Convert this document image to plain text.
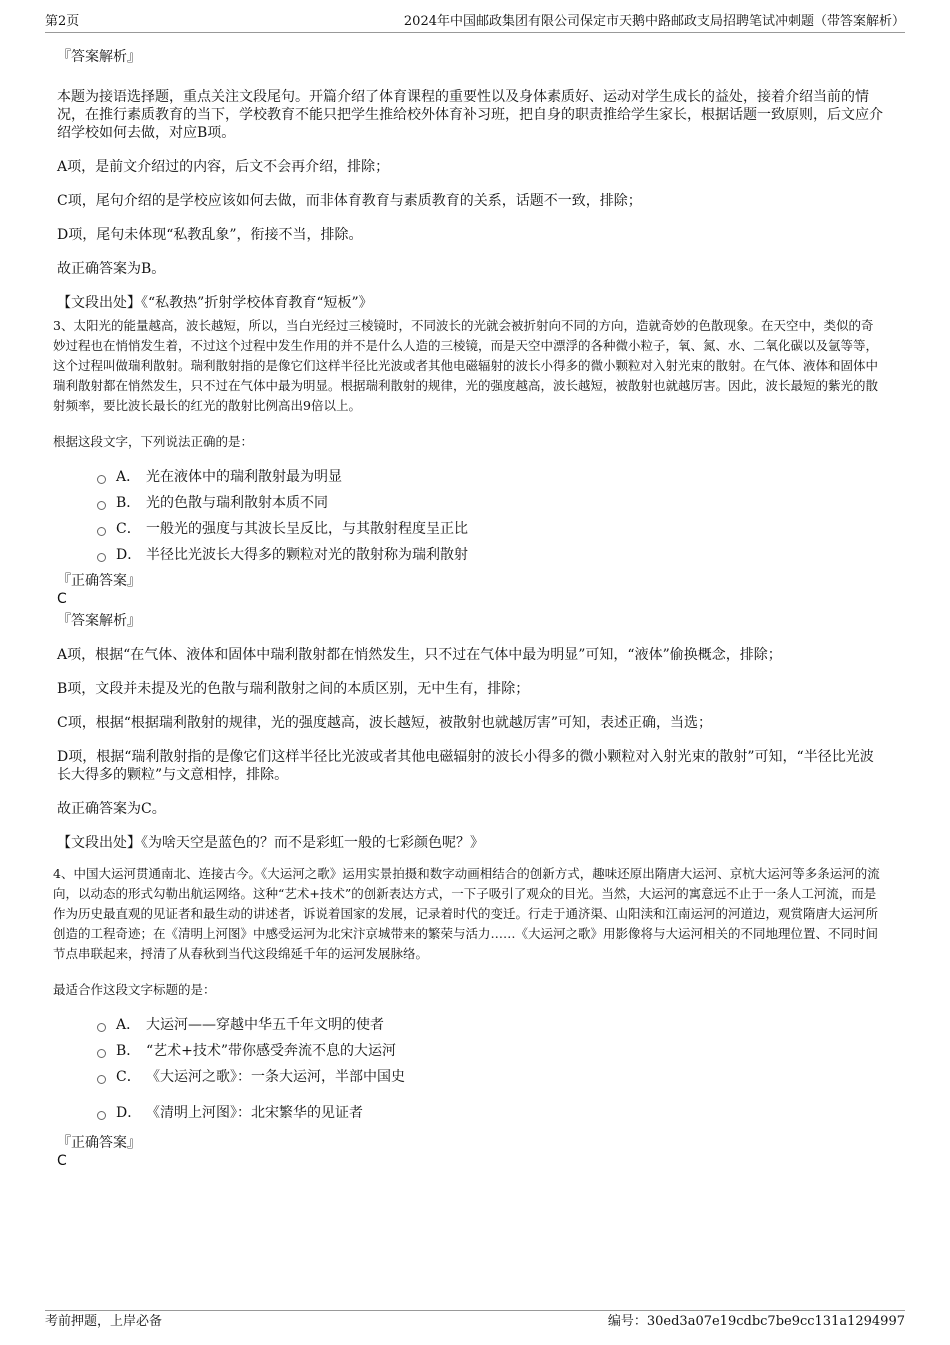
第2页	2024年中国邮政集团有限公司保定市天鹅中路邮政支局招聘笔试冲刺题（带答案解析）
『答案解析』
本题为接语选择题，重点关注文段尾句。开篇介绍了体育课程的重要性以及身体素质好、运动对学生成长的益处，接着介绍当前的情况，在推行素质教育的当下，学校教育不能只把学生推给校外体育补习班，把自身的职责推给学生家长，根据话题一致原则，后文应介绍学校如何去做，对应B项。
A项，是前文介绍过的内容，后文不会再介绍，排除；
C项，尾句介绍的是学校应该如何去做，而非体育教育与素质教育的关系，话题不一致，排除；
D项，尾句未体现“私教乱象”，衔接不当，排除。
故正确答案为B。
【文段出处】《“私教热”折射学校体育教育“短板”》
3、太阳光的能量越高，波长越短，所以，当白光经过三棱镜时，不同波长的光就会被折射向不同的方向，造就奇妙的色散现象。在天空中，类似的奇妙过程也在悄悄发生着，不过这个过程中发生作用的并不是什么人造的三棱镜，而是天空中漂浮的各种微小粒子，氧、氮、水、二氧化碳以及氩等等，这个过程叫做瑞利散射。瑞利散射指的是像它们这样半径比光波或者其他电磁辐射的波长小得多的微小颗粒对入射光束的散射。在气体、液体和固体中瑞利散射都在悄然发生，只不过在气体中最为明显。根据瑞利散射的规律，光的强度越高，波长越短，被散射也就越厉害。因此，波长最短的紫光的散射频率，要比波长最长的红光的散射比例高出9倍以上。
根据这段文字，下列说法正确的是：
A． 光在液体中的瑞利散射最为明显
B． 光的色散与瑞利散射本质不同
C． 一般光的强度与其波长呈反比，与其散射程度呈正比
D． 半径比光波长大得多的颗粒对光的散射称为瑞利散射
『正确答案』
C
『答案解析』
A项，根据“在气体、液体和固体中瑞利散射都在悄然发生，只不过在气体中最为明显”可知，“液体”偷换概念，排除；
B项，文段并未提及光的色散与瑞利散射之间的本质区别，无中生有，排除；
C项，根据“根据瑞利散射的规律，光的强度越高，波长越短，被散射也就越厉害”可知，表述正确，当选；
D项，根据“瑞利散射指的是像它们这样半径比光波或者其他电磁辐射的波长小得多的微小颗粒对入射光束的散射”可知，“半径比光波长大得多的颗粒”与文意相悖，排除。
故正确答案为C。
【文段出处】《为啥天空是蓝色的？而不是彩虹一般的七彩颜色呢？》
4、中国大运河贯通南北、连接古今。《大运河之歌》运用实景拍摄和数字动画相结合的创新方式，趣味还原出隋唐大运河、京杭大运河等多条运河的流向，以动态的形式勾勒出航运网络。这种“艺术+技术”的创新表达方式，一下子吸引了观众的目光。当然，大运河的寓意远不止于一条人工河流，而是作为历史最直观的见证者和最生动的讲述者，诉说着国家的发展，记录着时代的变迁。行走于通济渠、山阳渎和江南运河的河道边，观赏隋唐大运河所创造的工程奇迹；在《清明上河图》中感受运河为北宋汴京城带来的繁荣与活力……《大运河之歌》用影像将与大运河相关的不同地理位置、不同时间节点串联起来，捋清了从春秋到当代这段绵延千年的运河发展脉络。
最适合作这段文字标题的是：
A． 大运河——穿越中华五千年文明的使者
B． “艺术+技术”带你感受奔流不息的大运河
C． 《大运河之歌》：一条大运河，半部中国史
D． 《清明上河图》：北宋繁华的见证者
『正确答案』
C
考前押题，上岸必备	编号：30ed3a07e19cdbc7be9cc131a1294997
